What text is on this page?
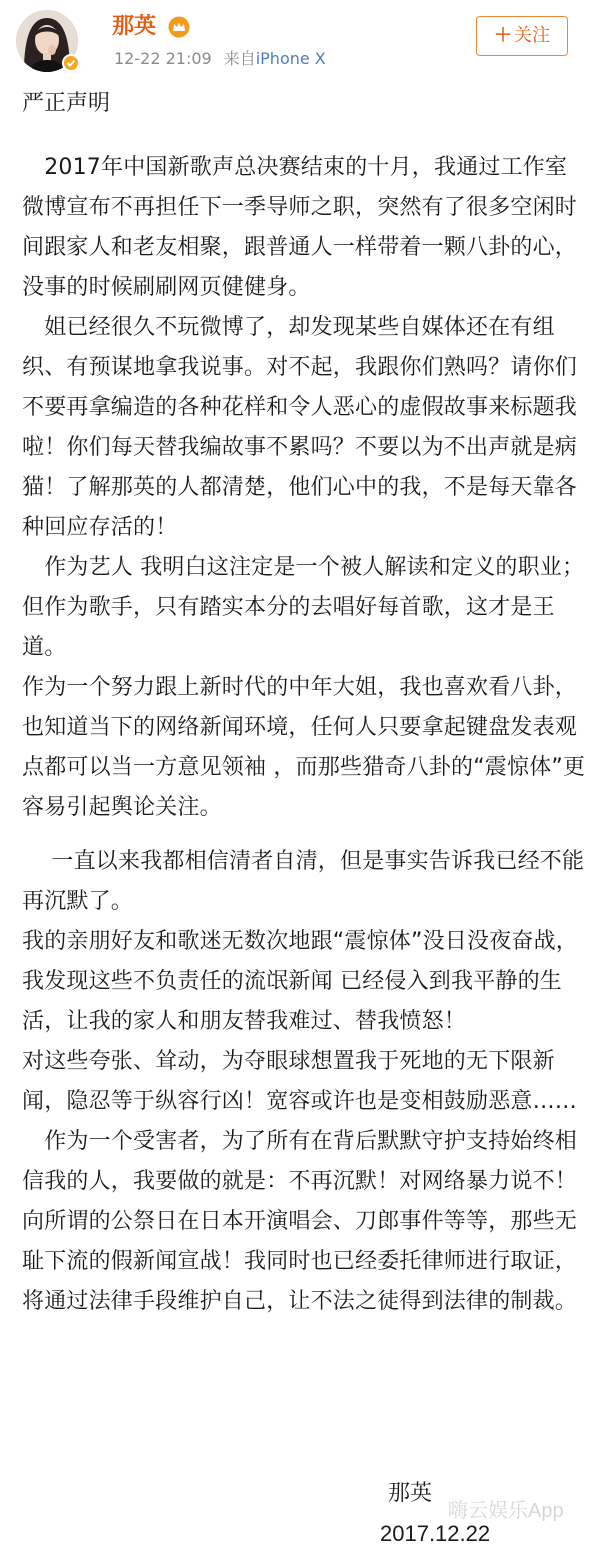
那英
12-22 21:09 来自iPhone X
＋ 关注
严正声明

　2017年中国新歌声总决赛结束的十月，我通过工作室微博宣布不再担任下一季导师之职，突然有了很多空闲时间跟家人和老友相聚，跟普通人一样带着一颗八卦的心，没事的时候刷刷网页健健身。

　姐已经很久不玩微博了，却发现某些自媒体还在有组织、有预谋地拿我说事。对不起，我跟你们熟吗？请你们不要再拿编造的各种花样和令人恶心的虚假故事来标题我啦！你们每天替我编故事不累吗？不要以为不出声就是病猫！了解那英的人都清楚，他们心中的我，不是每天靠各种回应存活的！

　作为艺人 我明白这注定是一个被人解读和定义的职业；但作为歌手，只有踏实本分的去唱好每首歌，这才是王道。

作为一个努力跟上新时代的中年大姐，我也喜欢看八卦，也知道当下的网络新闻环境，任何人只要拿起键盘发表观点都可以当一方意见领袖 ，而那些猎奇八卦的“震惊体”更容易引起舆论关注。

　 一直以来我都相信清者自清，但是事实告诉我已经不能再沉默了。

我的亲朋好友和歌迷无数次地跟“震惊体”没日没夜奋战，我发现这些不负责任的流氓新闻 已经侵入到我平静的生活，让我的家人和朋友替我难过、替我愤怒！

对这些夸张、耸动，为夺眼球想置我于死地的无下限新闻，隐忍等于纵容行凶！宽容或许也是变相鼓励恶意……

　作为一个受害者，为了所有在背后默默守护支持始终相信我的人，我要做的就是：不再沉默！对网络暴力说不！向所谓的公祭日在日本开演唱会、刀郎事件等等，那些无耻下流的假新闻宣战！我同时也已经委托律师进行取证，将通过法律手段维护自己，让不法之徒得到法律的制裁。

那英
2017.12.22
嗨云娱乐App
